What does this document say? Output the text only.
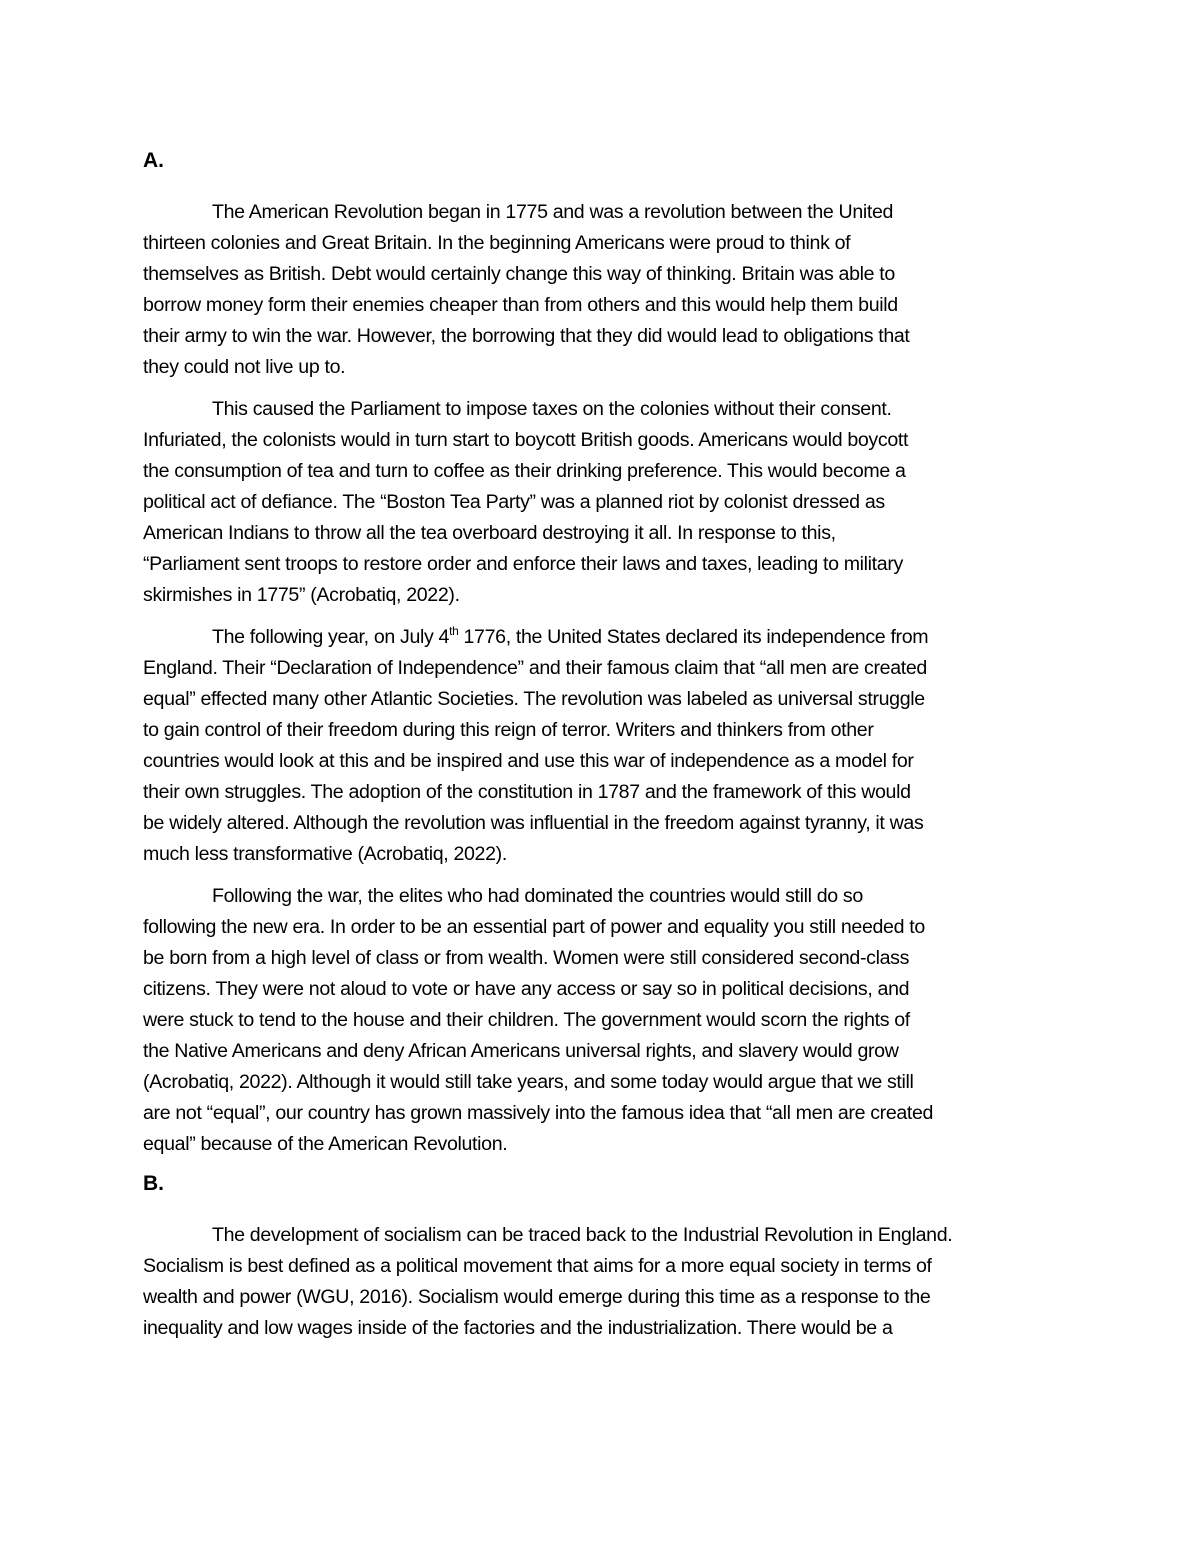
A.

The American Revolution began in 1775 and was a revolution between the United
thirteen colonies and Great Britain. In the beginning Americans were proud to think of
themselves as British. Debt would certainly change this way of thinking. Britain was able to
borrow money form their enemies cheaper than from others and this would help them build
their army to win the war. However, the borrowing that they did would lead to obligations that
they could not live up to.

This caused the Parliament to impose taxes on the colonies without their consent.
Infuriated, the colonists would in turn start to boycott British goods. Americans would boycott
the consumption of tea and turn to coffee as their drinking preference. This would become a
political act of defiance. The “Boston Tea Party” was a planned riot by colonist dressed as
American Indians to throw all the tea overboard destroying it all. In response to this,
“Parliament sent troops to restore order and enforce their laws and taxes, leading to military
skirmishes in 1775” (Acrobatiq, 2022).

The following year, on July 4th 1776, the United States declared its independence from
England. Their “Declaration of Independence” and their famous claim that “all men are created
equal” effected many other Atlantic Societies. The revolution was labeled as universal struggle
to gain control of their freedom during this reign of terror. Writers and thinkers from other
countries would look at this and be inspired and use this war of independence as a model for
their own struggles. The adoption of the constitution in 1787 and the framework of this would
be widely altered. Although the revolution was influential in the freedom against tyranny, it was
much less transformative (Acrobatiq, 2022).

Following the war, the elites who had dominated the countries would still do so
following the new era. In order to be an essential part of power and equality you still needed to
be born from a high level of class or from wealth. Women were still considered second-class
citizens. They were not aloud to vote or have any access or say so in political decisions, and
were stuck to tend to the house and their children. The government would scorn the rights of
the Native Americans and deny African Americans universal rights, and slavery would grow
(Acrobatiq, 2022). Although it would still take years, and some today would argue that we still
are not “equal”, our country has grown massively into the famous idea that “all men are created
equal” because of the American Revolution.

B.

The development of socialism can be traced back to the Industrial Revolution in England.
Socialism is best defined as a political movement that aims for a more equal society in terms of
wealth and power (WGU, 2016). Socialism would emerge during this time as a response to the
inequality and low wages inside of the factories and the industrialization. There would be a
